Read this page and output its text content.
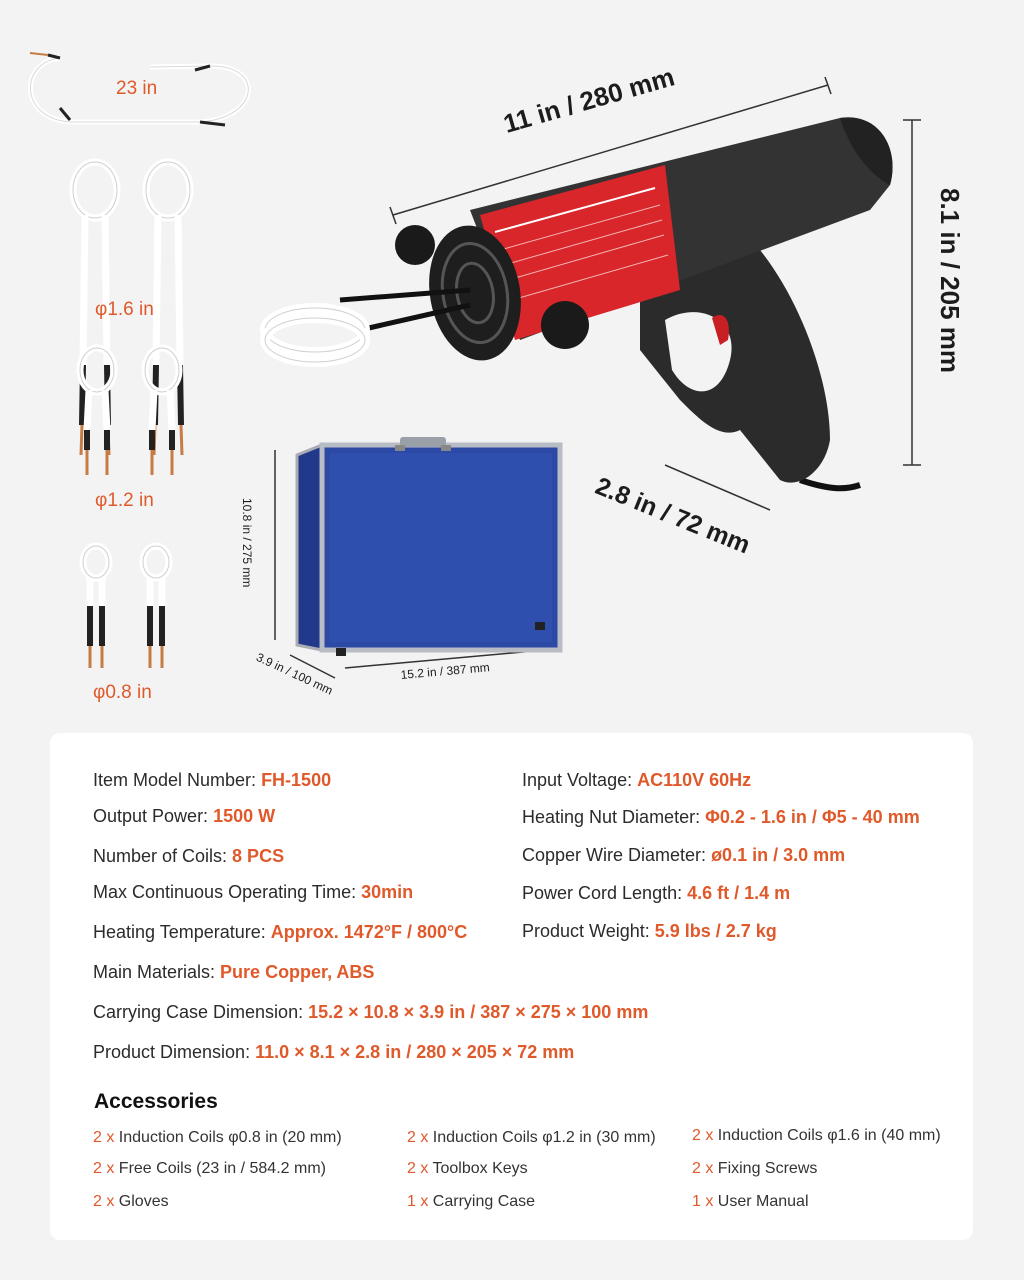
23 in	11 in / 280 mm
8.1 in / 205 mm
2.8 in / 72 mm
10.8 in / 275 mm
15.2 in / 387 mm
3.9 in / 100 mm
φ1.6 in
φ1.2 in
φ0.8 in
Item Model Number: FH-1500
Output Power: 1500 W
Number of Coils: 8 PCS
Max Continuous Operating Time: 30min
Heating Temperature: Approx. 1472°F / 800°C
Main Materials: Pure Copper, ABS
Carrying Case Dimension: 15.2 × 10.8 × 3.9 in / 387 × 275 × 100 mm
Product Dimension: 11.0 × 8.1 × 2.8 in / 280 × 205 × 72 mm
Input Voltage: AC110V 60Hz
Heating Nut Diameter: Φ0.2 - 1.6 in / Φ5 - 40 mm
Copper Wire Diameter: ø0.1 in / 3.0 mm
Power Cord Length: 4.6 ft / 1.4 m
Product Weight: 5.9 lbs / 2.7 kg
Accessories
2 x Induction Coils φ0.8 in (20 mm)	2 x Induction Coils φ1.2 in (30 mm) 2 x Induction Coils φ1.6 in (40 mm)
2 x Free Coils (23 in / 584.2 mm)	2 x Toolbox Keys	2 x Fixing Screws
2 x Gloves	1 x Carrying Case	1 x User Manual
